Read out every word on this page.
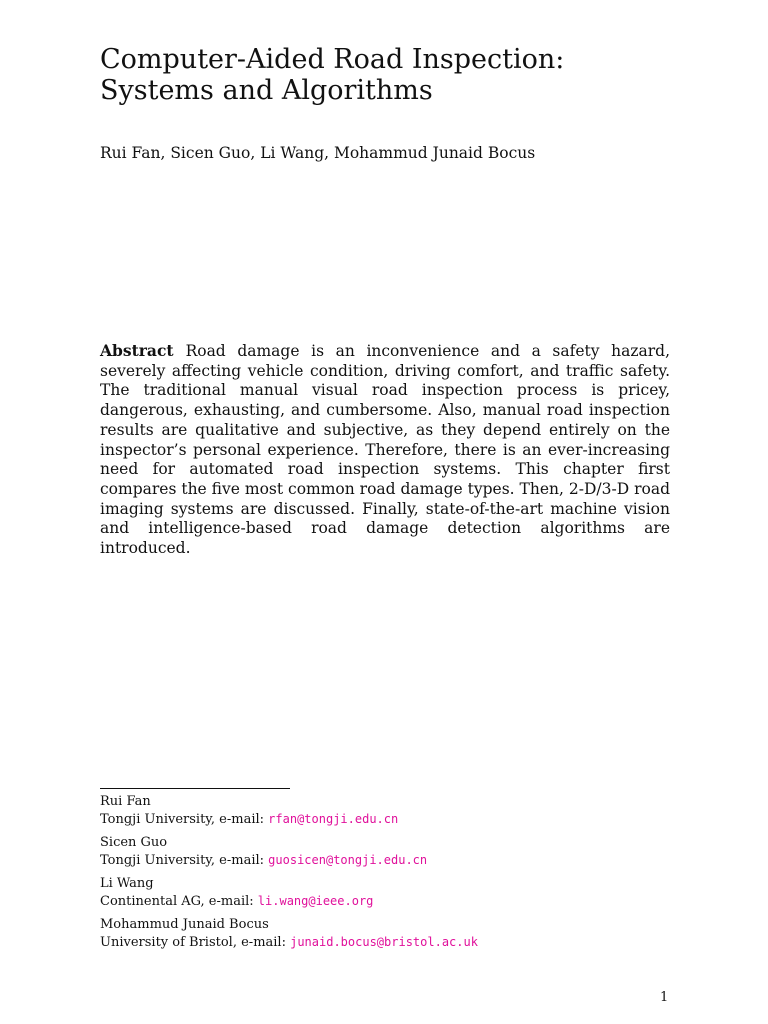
Computer-Aided Road Inspection:
Systems and Algorithms
Rui Fan, Sicen Guo, Li Wang, Mohammud Junaid Bocus
Abstract Road damage is an inconvenience and a safety hazard, severely affecting vehicle condition, driving comfort, and traffic safety. The traditional manual visual road inspection process is pricey, dangerous, exhausting, and cumbersome. Also, manual road inspection results are qualitative and subjective, as they depend entirely on the inspector’s personal experience. Therefore, there is an ever-increasing need for automated road inspection systems. This chapter first compares the five most common road damage types. Then, 2-D/3-D road imaging systems are discussed. Finally, state-of-the-art machine vision and intelligence-based road damage detection algorithms are introduced.
Rui Fan
Tongji University, e-mail: rfan@tongji.edu.cn
Sicen Guo
Tongji University, e-mail: guosicen@tongji.edu.cn
Li Wang
Continental AG, e-mail: li.wang@ieee.org
Mohammud Junaid Bocus
University of Bristol, e-mail: junaid.bocus@bristol.ac.uk
1
